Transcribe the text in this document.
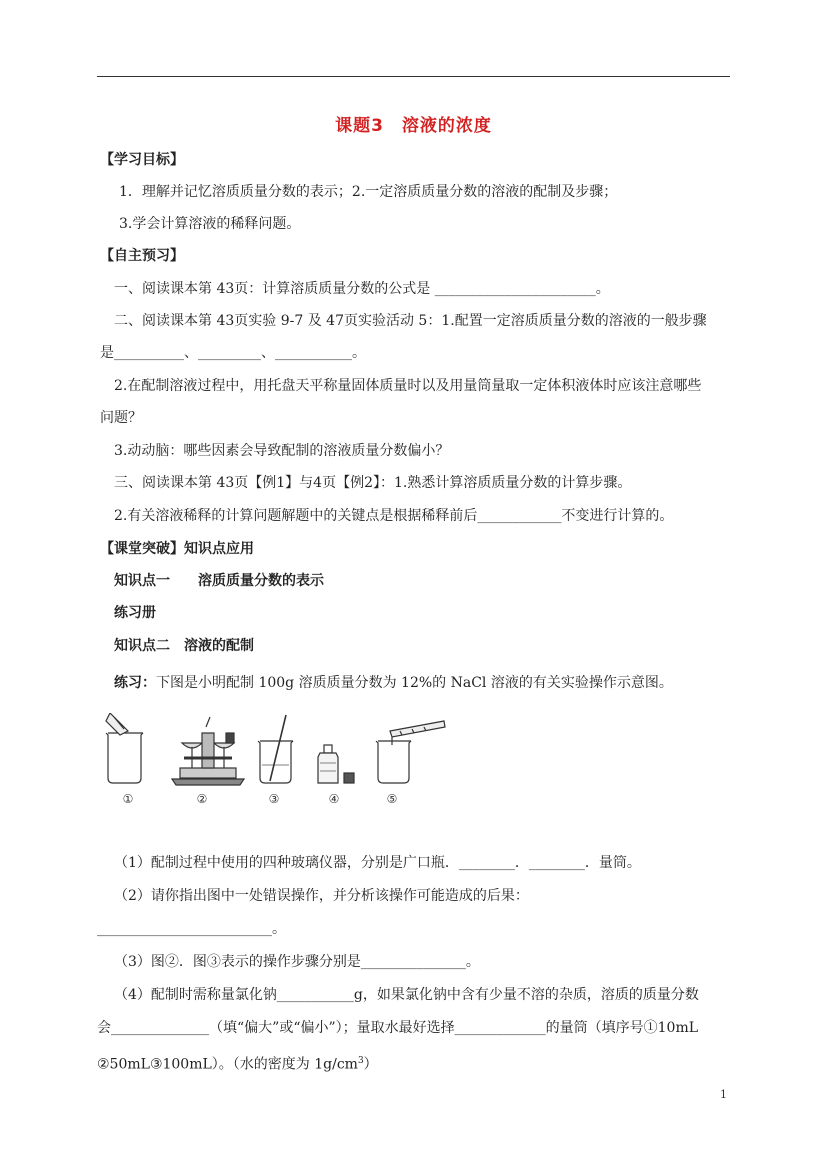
课题3　溶液的浓度
【学习目标】
1．理解并记忆溶质质量分数的表示；2.一定溶质质量分数的溶液的配制及步骤；
3.学会计算溶液的稀释问题。
【自主预习】
一、阅读课本第 43页：计算溶质质量分数的公式是 _______________________。
二、阅读课本第 43页实验 9-7 及 47页实验活动 5：1.配置一定溶质质量分数的溶液的一般步骤
是__________、_________、___________。
2.在配制溶液过程中，用托盘天平称量固体质量时以及用量筒量取一定体积液体时应该注意哪些
问题？
3.动动脑：哪些因素会导致配制的溶液质量分数偏小？
三、阅读课本第 43页【例1】与4页【例2】：1.熟悉计算溶质质量分数的计算步骤。
2.有关溶液稀释的计算问题解题中的关键点是根据稀释前后____________不变进行计算的。
【课堂突破】知识点应用
知识点一　　溶质质量分数的表示
练习册
知识点二　溶液的配制
练习：下图是小明配制 100g 溶质质量分数为 12%的 NaCl 溶液的有关实验操作示意图。
①	②	③	④	⑤
（1）配制过程中使用的四种玻璃仪器，分别是广口瓶．________．________．量筒。
（2）请你指出图中一处错误操作，并分析该操作可能造成的后果：
_________________________。
（3）图②．图③表示的操作步骤分别是_______________。
（4）配制时需称量氯化钠___________g，如果氯化钠中含有少量不溶的杂质，溶质的质量分数
会______________（填“偏大”或“偏小”）；量取水最好选择_____________的量筒（填序号①10mL
②50mL③100mL）。（水的密度为 $1g/cm^3$）
1
